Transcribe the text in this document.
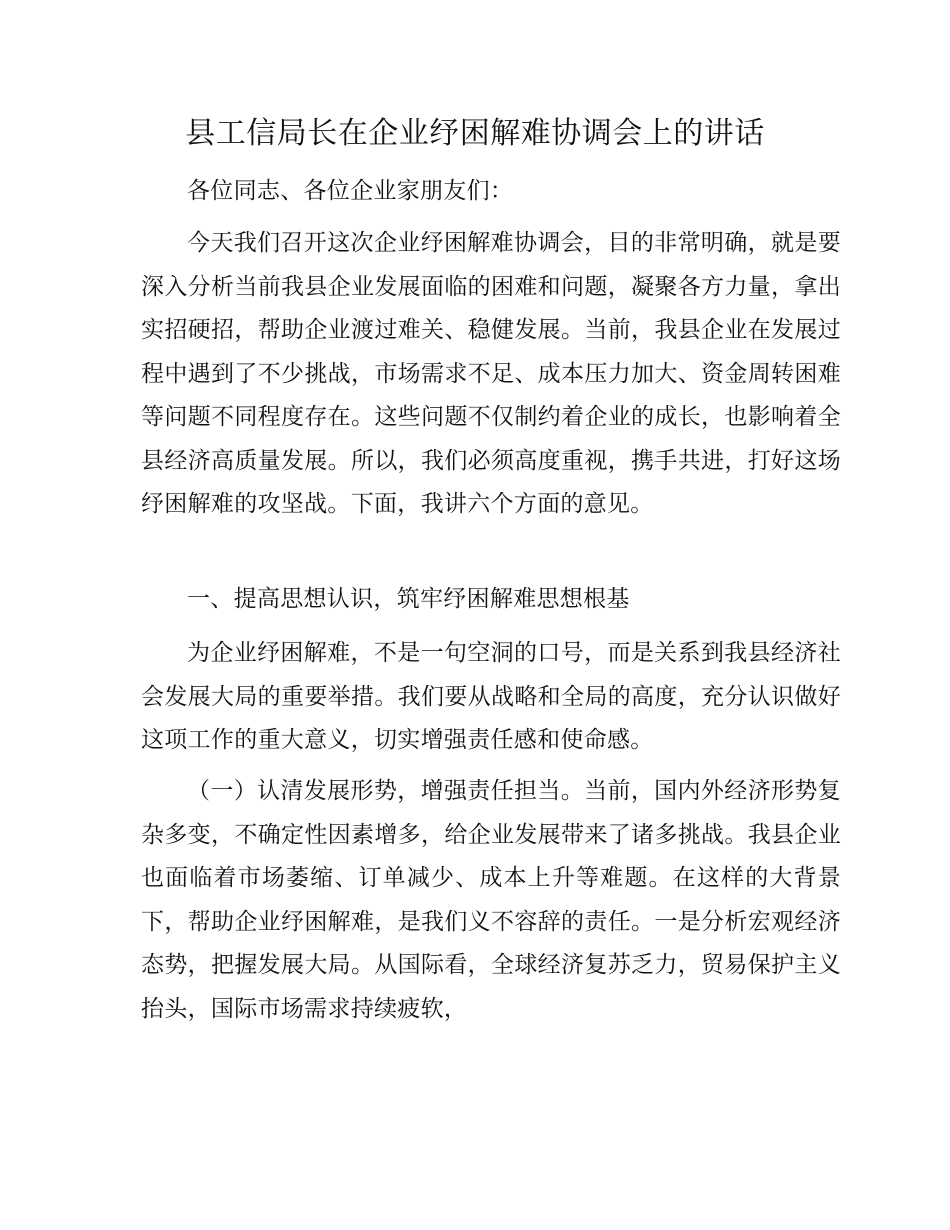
县工信局长在企业纾困解难协调会上的讲话

各位同志、各位企业家朋友们：

今天我们召开这次企业纾困解难协调会，目的非常明确，就是要深入分析当前我县企业发展面临的困难和问题，凝聚各方力量，拿出实招硬招，帮助企业渡过难关、稳健发展。当前，我县企业在发展过程中遇到了不少挑战，市场需求不足、成本压力加大、资金周转困难等问题不同程度存在。这些问题不仅制约着企业的成长，也影响着全县经济高质量发展。所以，我们必须高度重视，携手共进，打好这场纾困解难的攻坚战。下面，我讲六个方面的意见。

一、提高思想认识，筑牢纾困解难思想根基

为企业纾困解难，不是一句空洞的口号，而是关系到我县经济社会发展大局的重要举措。我们要从战略和全局的高度，充分认识做好这项工作的重大意义，切实增强责任感和使命感。

（一）认清发展形势，增强责任担当。当前，国内外经济形势复杂多变，不确定性因素增多，给企业发展带来了诸多挑战。我县企业也面临着市场萎缩、订单减少、成本上升等难题。在这样的大背景下，帮助企业纾困解难，是我们义不容辞的责任。一是分析宏观经济态势，把握发展大局。从国际看，全球经济复苏乏力，贸易保护主义抬头，国际市场需求持续疲软，
